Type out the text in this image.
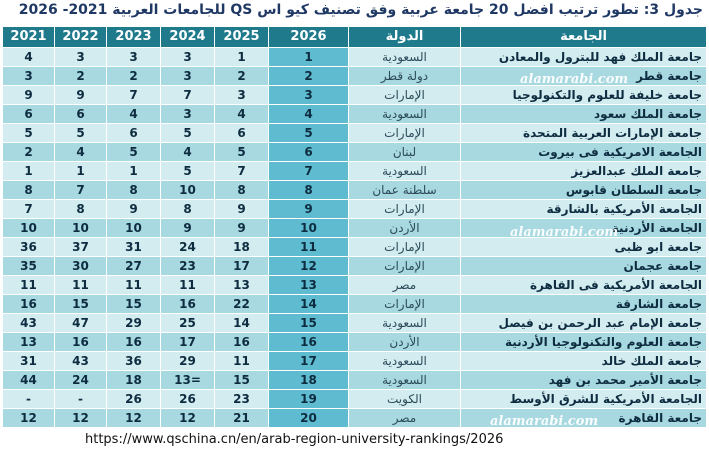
جدول 3: تطور ترتيب افضل 20 جامعة عربية وفق تصنيف كيو اس QS للجامعات العربية 2021- 2026
الجامعة	الدولة	2026	2025	2024	2023	2022	2021
جامعة الملك فهد للبترول والمعادن	السعودية	1	1	3	3	3	4
جامعة قطر	دولة قطر	2	2	3	2	2	3
جامعة خليفة للعلوم والتكنولوجيا	الإمارات	3	3	7	7	9	9
جامعة الملك سعود	السعودية	4	4	3	4	6	6
جامعة الإمارات العربية المتحدة	الإمارات	5	6	5	6	5	5
الجامعة الامريكية فى بيروت	لبنان	6	5	4	5	4	2
جامعة الملك عبدالعزيز	السعودية	7	7	5	1	1	1
جامعة السلطان قابوس	سلطنة عمان	8	8	10	8	7	8
الجامعة الأمريكية بالشارقة	الإمارات	9	9	8	9	8	7
الجامعة الأردنية	الأردن	10	9	9	10	10	10
جامعة ابو ظبى	الإمارات	11	18	24	31	37	36
جامعة عجمان	الإمارات	12	17	23	27	30	35
الجامعة الأمريكية فى القاهرة	مصر	13	13	11	11	11	11
جامعة الشارقة	الإمارات	14	22	16	15	15	16
جامعة الإمام عبد الرحمن بن فيصل	السعودية	15	14	25	29	47	43
جامعة العلوم والتكنولوجيا الأردنية	الأردن	16	16	17	16	16	13
جامعة الملك خالد	السعودية	17	11	29	36	43	31
جامعة الأمير محمد بن فهد	السعودية	18	15	=13	18	24	44
الجامعة الأمريكية للشرق الأوسط	الكويت	19	23	26	26	-	-
جامعة القاهرة	مصر	20	21	12	12	12	12
alamarabi.com
alamarabi.com
alamarabi.com
https://www.qschina.cn/en/arab-region-university-rankings/2026
